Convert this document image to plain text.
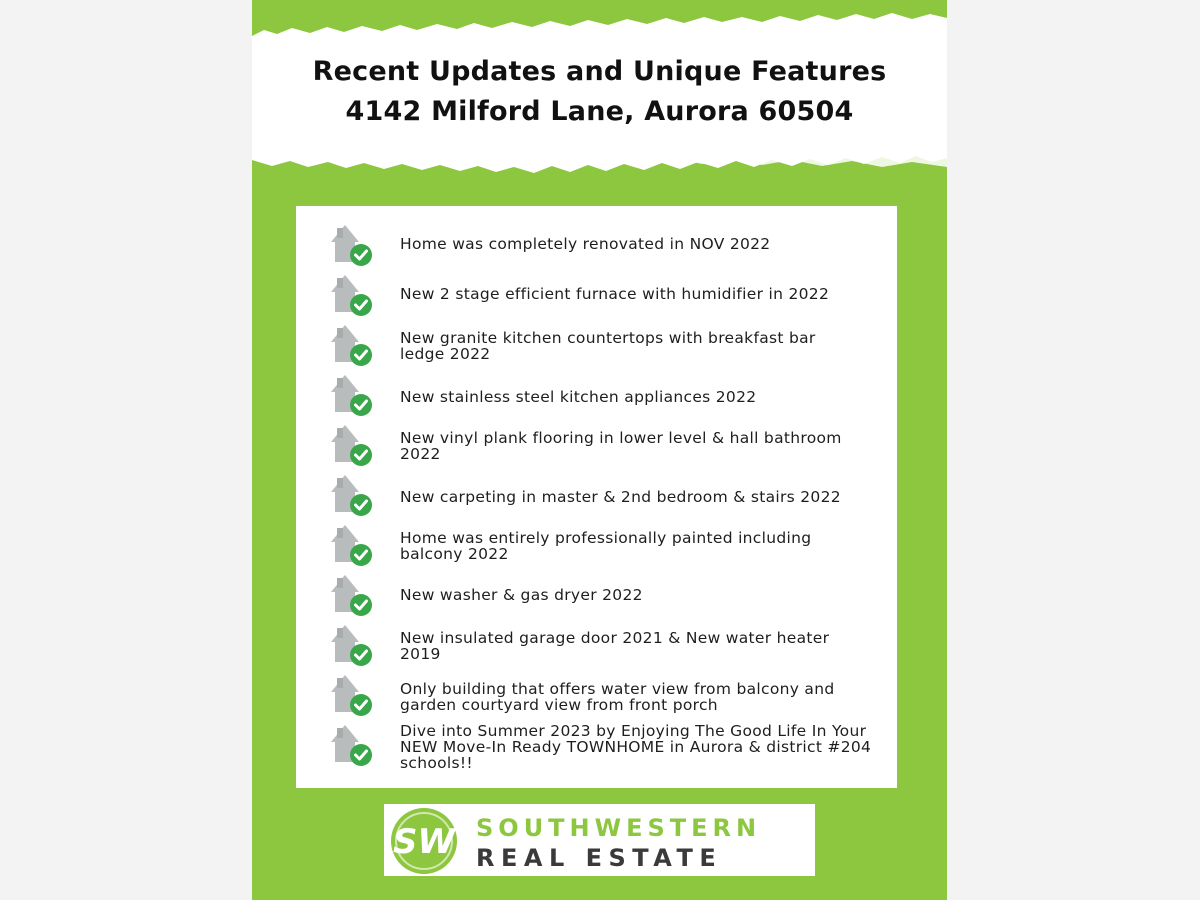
Recent Updates and Unique Features
4142 Milford Lane, Aurora 60504
Home was completely renovated in NOV 2022
New 2 stage efficient furnace with humidifier in 2022
New granite kitchen countertops with breakfast bar
ledge 2022
New stainless steel kitchen appliances 2022
New vinyl plank flooring in lower level & hall bathroom
2022
New carpeting in master & 2nd bedroom & stairs 2022
Home was entirely professionally painted including
balcony 2022
New washer & gas dryer 2022
New insulated garage door 2021 & New water heater
2019
Only building that offers water view from balcony and
garden courtyard view from front porch
Dive into Summer 2023 by Enjoying The Good Life In Your
NEW Move-In Ready TOWNHOME in Aurora & district #204
schools!!
SW SOUTHWESTERN
REAL ESTATE
